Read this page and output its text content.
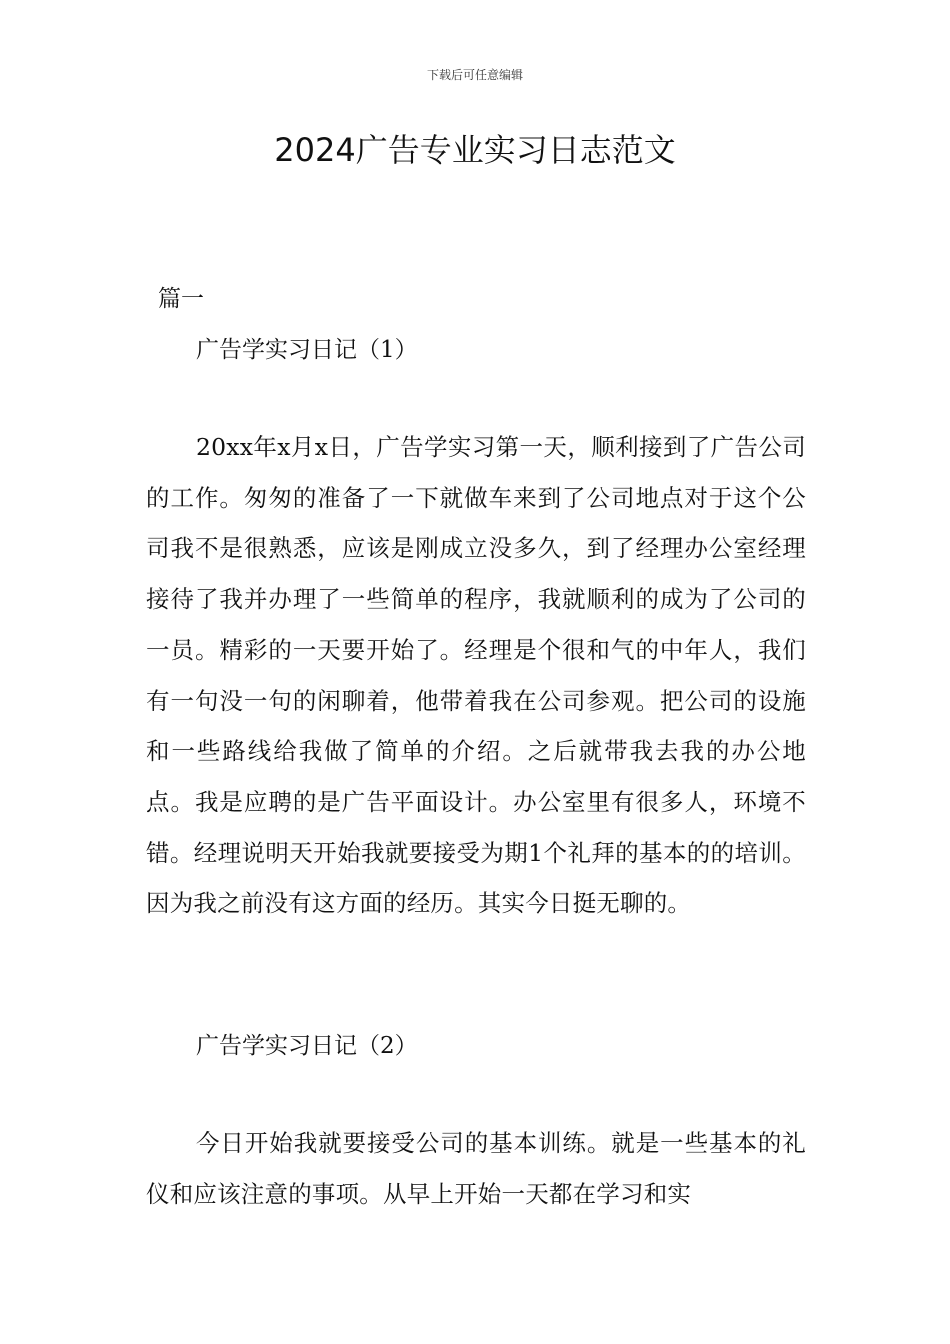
下载后可任意编辑
2024广告专业实习日志范文
篇一
广告学实习日记（1）

20xx年x月x日，广告学实习第一天，顺利接到了广告公司的工作。匆匆的准备了一下就做车来到了公司地点对于这个公司我不是很熟悉，应该是刚成立没多久，到了经理办公室经理接待了我并办理了一些简单的程序，我就顺利的成为了公司的一员。精彩的一天要开始了。经理是个很和气的中年人，我们有一句没一句的闲聊着，他带着我在公司参观。把公司的设施和一些路线给我做了简单的介绍。之后就带我去我的办公地点。我是应聘的是广告平面设计。办公室里有很多人，环境不错。经理说明天开始我就要接受为期1个礼拜的基本的的培训。因为我之前没有这方面的经历。其实今日挺无聊的。

广告学实习日记（2）

今日开始我就要接受公司的基本训练。就是一些基本的礼仪和应该注意的事项。从早上开始一天都在学习和实
